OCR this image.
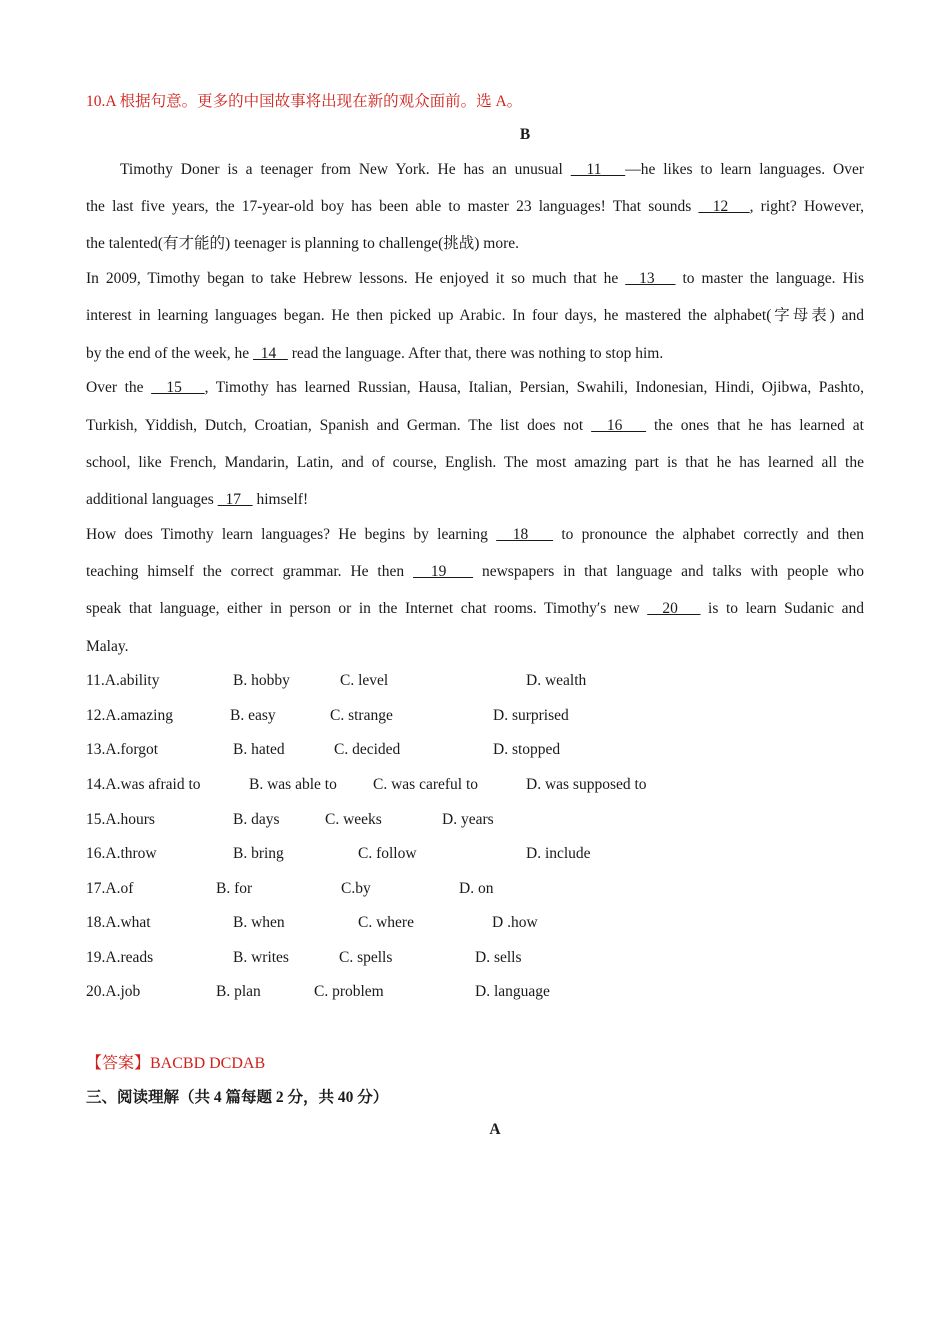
10.A 根据句意。更多的中国故事将出现在新的观众面前。选 A。
B
Timothy Doner is a teenager from New York. He has an unusual   11   —he likes to learn languages. Over
the last five years, the 17-year-old boy has been able to master 23 languages! That sounds   12   , right? However,
the talented(有才能的) teenager is planning to challenge(挑战) more.
In 2009, Timothy began to take Hebrew lessons. He enjoyed it so much that he   13    to master the language. His
interest in learning languages began. He then picked up Arabic. In four days, he mastered the alphabet(字母表) and
by the end of the week, he   14    read the language. After that, there was nothing to stop him.
Over the   15   , Timothy has learned Russian, Hausa, Italian, Persian, Swahili, Indonesian, Hindi, Ojibwa, Pashto,
Turkish, Yiddish, Dutch, Croatian, Spanish and German. The list does not   16    the ones that he has learned at
school, like French, Mandarin, Latin, and of course, English. The most amazing part is that he has learned all the
additional languages   17    himself!
How does Timothy learn languages? He begins by learning   18    to pronounce the alphabet correctly and then
teaching himself the correct grammar. He then   19    newspapers in that language and talks with people who
speak that language, either in person or in the Internet chat rooms. Timothy′s new   20    is to learn Sudanic and
Malay.
11.A.ability	B. hobby	C. level	D. wealth
12.A.amazing	B. easy	C. strange	D. surprised
13.A.forgot	B. hated	C. decided	D. stopped
14.A.was afraid to	B. was able to C. was careful to	D. was supposed to
15.A.hours	B. days	C. weeks	D. years
16.A.throw	B. bring	C. follow	D. include
17.A.of	B. for	C.by	D. on
18.A.what	B. when	C. where	D .how
19.A.reads	B. writes	C. spells	D. sells
20.A.job	B. plan	C. problem	D. language
【答案】BACBD DCDAB
三、阅读理解（共 4 篇每题 2 分，共 40 分）
A
